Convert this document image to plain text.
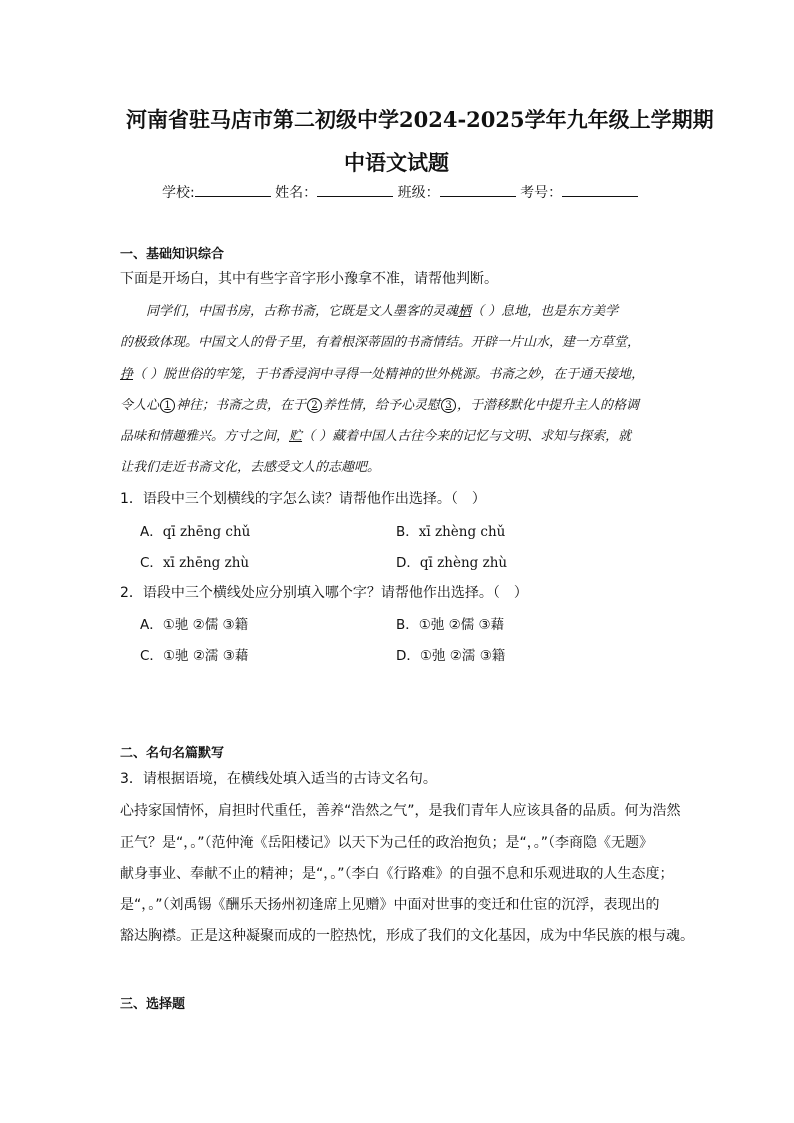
河南省驻马店市第二初级中学2024-2025学年九年级上学期期
中语文试题
学校:	姓名：	班级：	考号：
一、基础知识综合
下面是开场白，其中有些字音字形小豫拿不准，请帮他判断。
同学们，中国书房，古称书斋，它既是文人墨客的灵魂栖（ ）息地，也是东方美学
的极致体现。中国文人的骨子里，有着根深蒂固的书斋情结。开辟一片山水，建一方草堂，
挣（ ）脱世俗的牢笼，于书香浸润中寻得一处精神的世外桃源。书斋之妙，在于通天接地，
令人心 1 神往；书斋之贵，在于 2 养性情，给予心灵慰 3 ，于潜移默化中提升主人的格调
品味和情趣雅兴。方寸之间，贮（ ）藏着中国人古往今来的记忆与文明、求知与探索，就
让我们走近书斋文化，去感受文人的志趣吧。
1．语段中三个划横线的字怎么读？请帮他作出选择。（　）
A．qī zhēng chǔ	B．xī zhèng chǔ
C．xī zhēng zhù	D．qī zhèng zhù
2．语段中三个横线处应分别填入哪个字？请帮他作出选择。（　）
A．①驰 ②儒 ③籍	B．①弛 ②儒 ③藉
C．①驰 ②濡 ③藉	D．①弛 ②濡 ③籍
二、名句名篇默写
3．请根据语境，在横线处填入适当的古诗文名句。
心持家国情怀，肩担时代重任，善养“浩然之气”，是我们青年人应该具备的品质。何为浩然
正气？是“，。”（范仲淹《岳阳楼记》以天下为己任的政治抱负；是“，。”（李商隐《无题》
献身事业、奉献不止的精神；是“，。”（李白《行路难》的自强不息和乐观进取的人生态度；
是“，。”（刘禹锡《酬乐天扬州初逢席上见赠》中面对世事的变迁和仕宦的沉浮，表现出的
豁达胸襟。正是这种凝聚而成的一腔热忱，形成了我们的文化基因，成为中华民族的根与魂。
三、选择题
